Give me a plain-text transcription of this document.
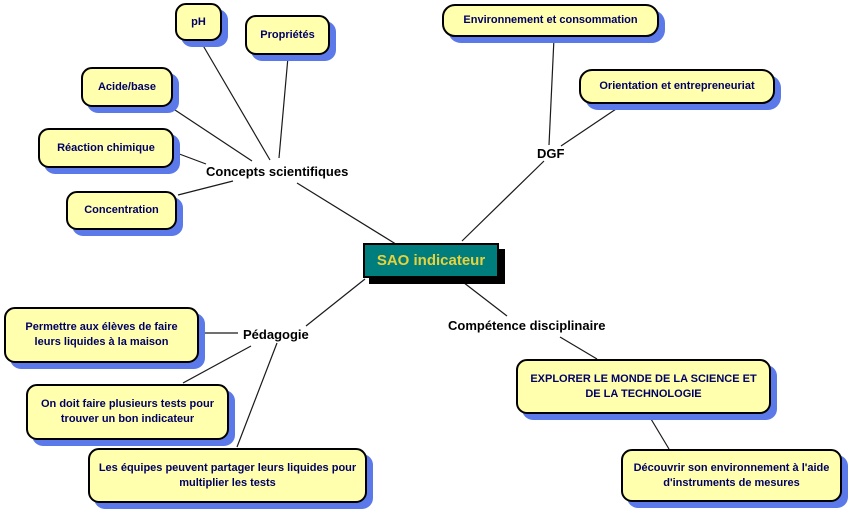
SAO indicateur
Concepts scientifiques
DGF
Pédagogie
Compétence disciplinaire
pH
Propriétés
Acide/base
Réaction chimique
Concentration
Environnement et consommation
Orientation et entrepreneuriat
Permettre aux élèves de faire leurs liquides à la maison
On doit faire plusieurs tests pour trouver un bon indicateur
Les équipes peuvent partager leurs liquides pour multiplier les tests
EXPLORER LE MONDE DE LA SCIENCE ET DE LA TECHNOLOGIE
Découvrir son environnement à l'aide d'instruments de mesures
